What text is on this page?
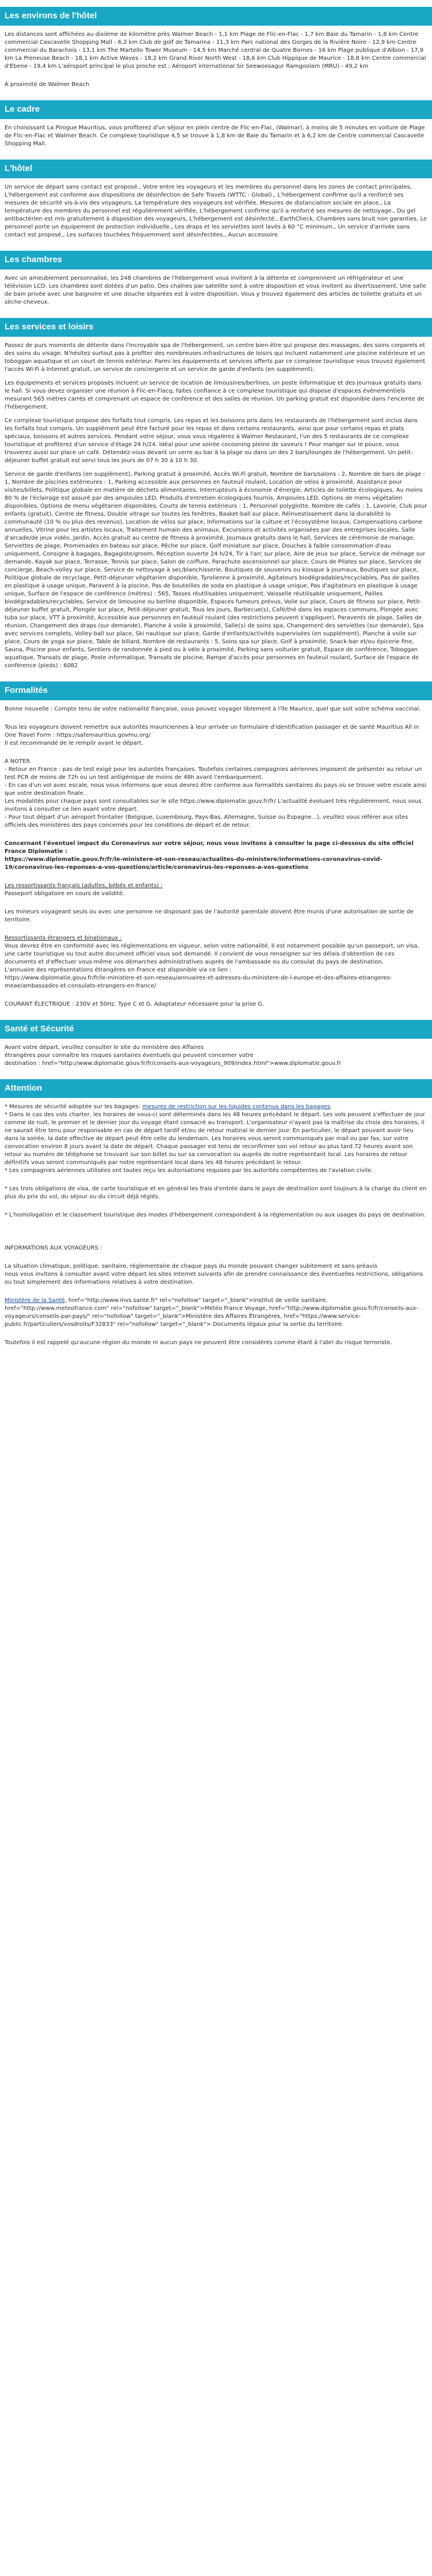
Les environs de l'hôtel

Les distances sont affichées au dixième de kilomètre près Walmer Beach - 1,1 km Plage de Flic-en-Flac - 1,7 km Baie du Tamarin - 1,8 km Centre commercial Cascavelle Shopping Mall - 6,2 km Club de golf de Tamarina - 11,3 km Parc national des Gorges de la Rivière Noire - 12,9 km Centre commercial du Barachois - 13,1 km The Martello Tower Museum - 14,5 km Marché central de Quatre Bornes - 16 km Plage publique d'Albion - 17,9 km La Preneuse Beach - 18,1 km Active Waves - 18,2 km Grand River North West - 18,6 km Club Hippique de Maurice - 18,8 km Centre commercial d'Ebene - 19,4 km L'aéroport principal le plus proche est : Aéroport international Sir Seewoosagur Ramgoolam (MRU) - 49,2 km

À proximité de Walmer Beach

Le cadre

En choisissant La Pirogue Mauritius, vous profiterez d'un séjour en plein centre de Flic-en-Flac, (Walmar), à moins de 5 minutes en voiture de Plage de Flic-en-Flac et Walmer Beach. Ce complexe touristique 4,5 se trouve à 1,8 km de Baie du Tamarin et à 6,2 km de Centre commercial Cascavelle Shopping Mall.

L'hôtel

Un service de départ sans contact est proposé., Votre entre les voyageurs et les membres du personnel dans les zones de contact principales, L'hébergement est conforme aux dispositions de désinfection de Safe Travels (WTTC - Global)., L'hébergement confirme qu'il a renforcé ses mesures de sécurité vis-à-vis des voyageurs, La température des voyageurs est vérifiée, Mesures de distanciation sociale en place., La température des membres du personnel est régulièrement vérifiée, L'hébergement confirme qu'il a renforcé ses mesures de nettoyage., Du gel antibactérien est mis gratuitement à disposition des voyageurs, L'hébergement est désinfecté., EarthCheck, Chambres sans bruit non garanties, Le personnel porte un équipement de protection individuelle., Les draps et les serviettes sont lavés à 60 °C minimum., Un service d'arrivée sans contact est proposé., Les surfaces touchées fréquemment sont désinfectées., Aucun accessoire

Les chambres

Avec un ameublement personnalisé, les 248 chambres de l'hébergement vous invitent à la détente et comprennent un réfrigérateur et une télévision LCD. Les chambres sont dotées d'un patio. Des chaînes par satellite sont à votre disposition et vous invitent au divertissement. Une salle de bain privée avec une baignoire et une douche séparées est à votre disposition. Vous y trouvez également des articles de toilette gratuits et un sèche-cheveux.

Les services et loisirs

Passez de purs moments de détente dans l'incroyable spa de l'hébergement, un centre bien-être qui propose des massages, des soins corporels et des soins du visage. N'hésitez surtout pas à profiter des nombreuses infrastructures de loisirs qui incluent notamment une piscine extérieure et un toboggan aquatique et un court de tennis extérieur. Parmi les équipements et services offerts par ce complexe touristique vous trouvez également l'accès Wi-Fi à Internet gratuit, un service de conciergerie et un service de garde d'enfants (en supplément).

Les équipements et services proposés incluent un service de location de limousines/berlines, un poste informatique et des journaux gratuits dans le hall. Si vous devez organiser une réunion à Flic-en-Flacq, faites confiance à ce complexe touristique qui dispose d'espaces événementiels mesurant 565 mètres carrés et comprenant un espace de conférence et des salles de réunion. Un parking gratuit est disponible dans l'enceinte de l'hébergement.

Ce complexe touristique propose des forfaits tout compris. Les repas et les boissons pris dans les restaurants de l'hébergement sont inclus dans les forfaits tout compris. Un supplément peut être facturé pour les repas et dans certains restaurants, ainsi que pour certains repas et plats spéciaux, boissons et autres services. Pendant votre séjour, vous vous régalerez à Walmer Restaurant, l'un des 5 restaurants de ce complexe touristique et profiterez d'un service d'étage 24 h/24. Idéal pour une soirée cocooning pleine de saveurs ! Pour manger sur le pouce, vous trouverez aussi sur place un café. Détendez-vous devant un verre au bar à la plage ou dans un des 2 bars/lounges de l'hébergement. Un petit-déjeuner buffet gratuit est servi tous les jours de 07 h 30 à 10 h 30.

Service de garde d'enfants (en supplément), Parking gratuit à proximité, Accès Wi-Fi gratuit, Nombre de bars/salons : 2, Nombre de bars de plage : 1, Nombre de piscines extérieures : 1, Parking accessible aux personnes en fauteuil roulant, Location de vélos à proximité, Assistance pour visites/billets, Politique globale en matière de déchets alimentaires, Interrupteurs à économie d'énergie, Articles de toilette écologiques, Au moins 80 % de l'éclairage est assuré par des ampoules LED, Produits d'entretien écologiques fournis, Ampoules LED, Options de menu végétalien disponibles, Options de menu végétarien disponibles, Courts de tennis extérieurs : 1, Personnel polyglotte, Nombre de cafés : 1, Lavoirie, Club pour enfants (gratuit), Centre de fitness, Double vitrage sur toutes les fenêtres, Basket-ball sur place, Réinvestissement dans la durabilité Io communauté (10 % ou plus des revenus), Location de vélos sur place, Informations sur la culture et l'écosystème locaux, Compensations carbone annuelles, Vitrine pour les artistes locaux, Traitement humain des animaux, Excursions et activités organisées par des entreprises locales, Salle d'arcade/de jeux vidéo, Jardin, Accès gratuit au centre de fitness à proximité, Journaux gratuits dans le hall, Services de cérémonie de mariage, Serviettes de plage, Promenades en bateau sur place, Pêche sur place, Golf miniature sur place, Douches à faible consommation d'eau uniquement, Consigne à bagages, Bagagiste/groom, Réception ouverte 24 h/24, Tir à l'arc sur place, Aire de jeux sur place, Service de ménage sur demande, Kayak sur place, Terrasse, Tennis sur place, Salon de coiffure, Parachute ascensionnel sur place, Cours de Pilates sur place, Services de concierge, Beach-volley sur place, Service de nettoyage à sec/blanchisserie, Boutiques de souvenirs ou kiosque à journaux, Boutiques sur place, Politique globale de recyclage, Petit-déjeuner végétarien disponible, Tyrolienne à proximité, Agitateurs biodégradables/recyclables, Pas de pailles en plastique à usage unique, Paravent à la piscine, Pas de bouteilles de soda en plastique à usage unique, Pas d'agitateurs en plastique à usage unique, Surface de l'espace de conférence (mètres) : 565, Tasses réutilisables uniquement, Vaisselle réutilisable uniquement, Pailles biodégradables/recyclables, Service de limousine ou berline disponible, Espaces fumeurs prévus, Voile sur place, Cours de fitness sur place, Petit-déjeuner buffet gratuit, Plongée sur place, Petit-déjeuner gratuit, Tous les jours, Barbecue(s), Café/thé dans les espaces communs, Plongée avec tuba sur place, VTT à proximité, Accessible aux personnes en fauteuil roulant (des restrictions peuvent s'appliquer), Paravents de plage, Salles de réunion, Changement des draps (sur demande), Planche à voile à proximité, Salle(s) de soins spa, Changement des serviettes (sur demande), Spa avec services complets, Volley-ball sur place, Ski nautique sur place, Garde d'enfants/activités supervisées (en supplément), Planche à voile sur place, Cours de yoga sur place, Table de billard, Nombre de restaurants : 5, Soins spa sur place, Golf à proximité, Snack-bar et/ou épicerie fine, Sauna, Piscine pour enfants, Sentiers de randonnée à pied ou à vélo à proximité, Parking sans voiturier gratuit, Espace de conférence, Toboggan aquatique, Transats de plage, Poste informatique, Transats de piscine, Rampe d'accès pour personnes en fauteuil roulant, Surface de l'espace de conférence (pieds) : 6082

Formalités

Bonne nouvelle : Compte tenu de votre nationalité française, vous pouvez voyager librement à l'île Maurice, quel que soit votre schéma vaccinal.

Tous les voyageurs doivent remettre aux autorités mauriciennes à leur arrivée un formulaire d'identification passager et de santé Mauritius All in One Travel Form : https://safemauritius.govmu.org/
Il est recommandé de le remplir avant le départ.

A NOTER

- Retour en France : pas de test exigé pour les autorités françaises. Toutefois certaines compagnies aériennes imposent de présenter au retour un test PCR de moins de 72h ou un test antigénique de moins de 48h avant l'embarquement.
- En cas d'un vol avec escale, nous vous informons que vous devrez être conforme aux formalités sanitaires du pays où se trouve votre escale ainsi que votre destination finale.
Les modalités pour chaque pays sont consultables sur le site https://www.diplomatie.gouv.fr/fr/ L'actualité évoluant très régulièrement, nous vous invitons à consulter ce lien avant votre départ.
- Pour tout départ d'un aéroport frontalier (Belgique, Luxembourg, Pays-Bas, Allemagne, Suisse ou Espagne...), veuillez vous référer aux sites officiels des ministères des pays concernés pour les conditions de départ et de retour.

Concernant l'éventuel impact du Coronavirus sur votre séjour, nous vous invitons à consulter la page ci-dessous du site officiel France Diplomatie :

https://www.diplomatie.gouv.fr/fr/le-ministere-et-son-reseau/actualites-du-ministere/informations-coronavirus-covid-19/coronavirus-les-reponses-a-vos-questions/article/coronavirus-les-reponses-a-vos-questions

Les ressortissants français (adultes, bébés et enfants) :

Passeport obligatoire en cours de validité.

Les mineurs voyageant seuls ou avec une personne ne disposant pas de l'autorité parentale doivent être munis d'une autorisation de sortie de territoire.

Ressortissants étrangers et binationaux :

Vous devrez être en conformité avec les réglementations en vigueur, selon votre nationalité. Il est notamment possible qu'un passeport, un visa, une carte touristique ou tout autre document officiel vous soit demandé. Il convient de vous renseigner sur les délais d'obtention de ces documents et d'effectuer vous-même vos démarches administratives auprès de l'ambassade ou du consulat du pays de destination.
L'annuaire des représentations étrangères en France est disponible via ce lien :
https://www.diplomatie.gouv.fr/fr/le-ministere-et-son-reseau/annuaires-et-adresses-du-ministere-de-l-europe-et-des-affaires-etrangeres-meae/ambassades-et-consulats-etrangers-en-france/

COURANT ÉLECTRIQUE : 230V et 50Hz. Type C et G. Adaptateur nécessaire pour la prise G.

Santé et Sécurité

Avant votre départ, veuillez consulter le site du ministère des Affaires
étrangères pour connaître les risques sanitaires éventuels qui peuvent concerner votre
destination : href="http://www.diplomatie.gouv.fr/fr/conseils-aux-voyageurs_909/index.html">www.diplomatie.gouv.fr

Attention

* Mesures de sécurité adoptée sur les bagages: mesures de restriction sur les liquides contenus dans les bagages.

* Dans le cas des vols charter, les horaires de vous-ci sont déterminés dans les 48 heures précédant le départ. Les vols peuvent s'effectuer de jour comme de nuit, le premier et le dernier jour du voyage étant consacré au transport. L'organisateur n'ayant pas la maîtrise du choix des horaires, il ne saurait être tenu pour responsable en cas de départ tardif et/ou de retour matinal le dernier jour. En particulier, le départ pouvant avoir lieu dans la soirée, la date effective de départ peut être celle du lendemain. Les horaires vous seront communiqués par mail ou par fax, sur votre convocation environ 8 jours avant la date de départ. Chaque passager est tenu de reconfirmer son vol retour au plus tard 72 heures avant son retour au numéro de téléphone se trouvant sur son billet ou sur sa convocation ou auprès de notre représentant local. Les horaires de retour définitifs vous seront communiqués par notre représentant local dans les 48 heures précédant le retour.
* Les compagnies aériennes utilisées ont toutes reçu les autorisations requises par les autorités compétentes de l'aviation civile.

* Les trois obligations de visa, de carte touristique et en général les frais d'entrée dans le pays de destination sont toujours à la charge du client en plus du prix du vol, du séjour ou du circuit déjà réglés.

* L'homologation et le classement touristique des modes d'hébergement correspondent à la réglementation ou aux usages du pays de destination.

INFORMATIONS AUX VOYAGEURS :

La situation climatique, politique, sanitaire, réglementaire de chaque pays du monde pouvant changer subitement et sans préavis
nous vous invitons à consulter avant votre départ les sites Internet suivants afin de prendre connaissance des éventuelles restrictions, obligations ou tout simplement des informations relatives à votre destination.

Ministère de la Santé, href="http://www.invs.sante.fr" rel="nofollow" target="_blank">Institut de veille sanitaire, href="http://www.meteofrance.com" rel="nofollow" target="_blank">Météo France Voyage, href="http://www.diplomatie.gouv.fr/fr/conseils-aux-voyageurs/conseils-par-pays/" rel="nofollow" target="_blank">Ministère des Affaires Étrangères, href="https://www.service-public.fr/particuliers/vosdroits/F32833" rel="nofollow" target="_blank"> Documents légaux pour la sortie du territoire.

Toutefois il est rappelé qu'aucune région du monde ni aucun pays ne peuvent être considérés comme étant à l'abri du risque terroriste.
